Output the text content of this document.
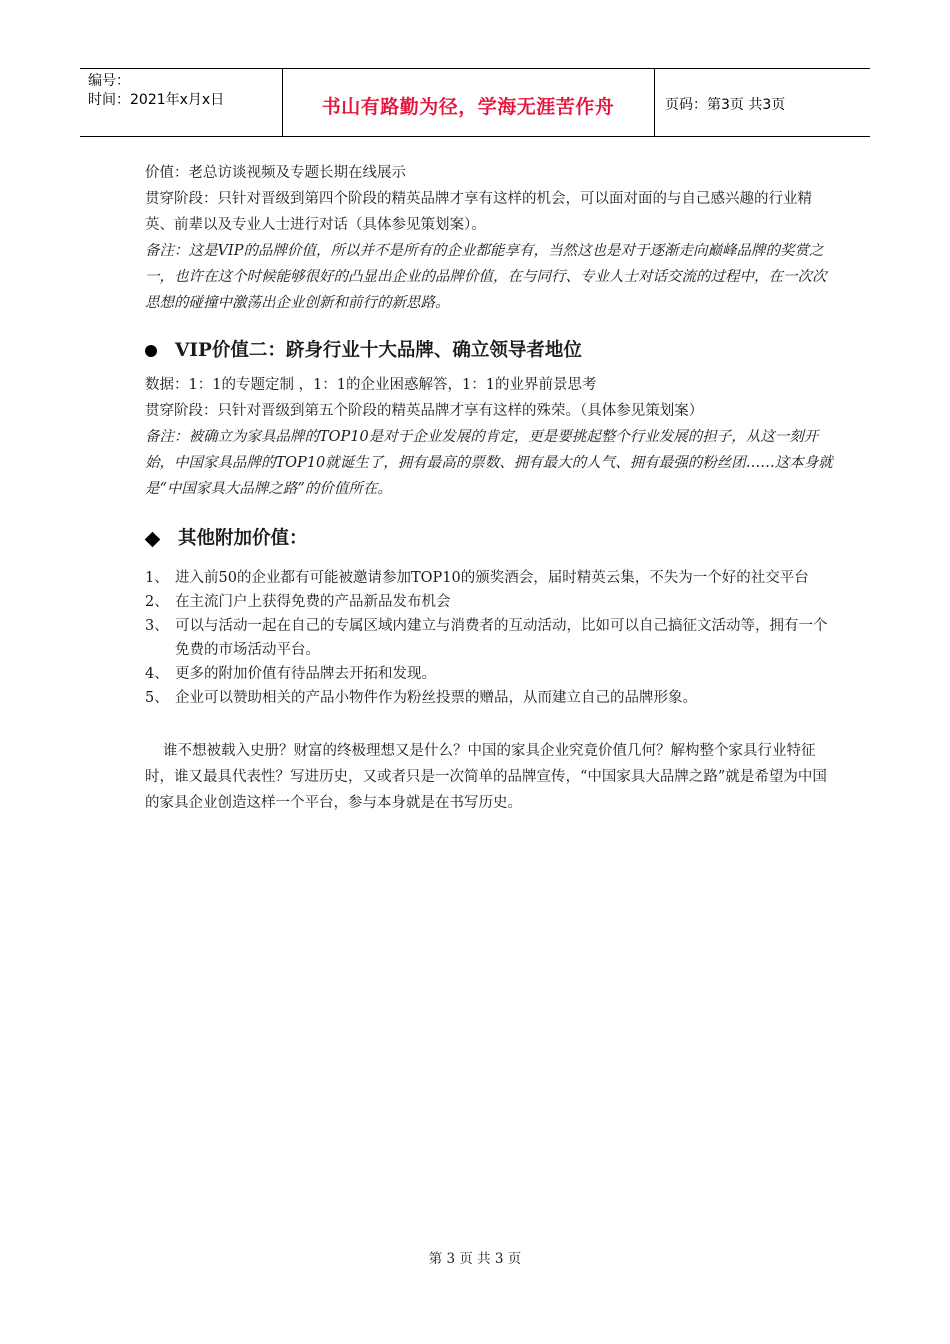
编号：
时间：2021年x月x日	书山有路勤为径，学海无涯苦作舟	页码：第3页 共3页

价值：老总访谈视频及专题长期在线展示

贯穿阶段：只针对晋级到第四个阶段的精英品牌才享有这样的机会，可以面对面的与自己感兴趣的行业精英、前辈以及专业人士进行对话（具体参见策划案）。

备注：这是VIP的品牌价值，所以并不是所有的企业都能享有，当然这也是对于逐渐走向巅峰品牌的奖赏之一，也许在这个时候能够很好的凸显出企业的品牌价值，在与同行、专业人士对话交流的过程中，在一次次思想的碰撞中激荡出企业创新和前行的新思路。

VIP价值二：跻身行业十大品牌、确立领导者地位

数据：1：1的专题定制 ，1：1的企业困惑解答，1：1的业界前景思考

贯穿阶段：只针对晋级到第五个阶段的精英品牌才享有这样的殊荣。（具体参见策划案）

备注：被确立为家具品牌的TOP10是对于企业发展的肯定，更是要挑起整个行业发展的担子，从这一刻开始，中国家具品牌的TOP10就诞生了，拥有最高的票数、拥有最大的人气、拥有最强的粉丝团……这本身就是“中国家具大品牌之路”的价值所在。

其他附加价值：
1、 进入前50的企业都有可能被邀请参加TOP10的颁奖酒会，届时精英云集，不失为一个好的社交平台
2、 在主流门户上获得免费的产品新品发布机会
3、 可以与活动一起在自己的专属区域内建立与消费者的互动活动，比如可以自己搞征文活动等，拥有一个免费的市场活动平台。
4、 更多的附加价值有待品牌去开拓和发现。
5、 企业可以赞助相关的产品小物件作为粉丝投票的赠品，从而建立自己的品牌形象。

谁不想被载入史册？财富的终极理想又是什么？中国的家具企业究竟价值几何？解构整个家具行业特征时，谁又最具代表性？写进历史，又或者只是一次简单的品牌宣传，“中国家具大品牌之路”就是希望为中国的家具企业创造这样一个平台，参与本身就是在书写历史。

第 3 页 共 3 页
